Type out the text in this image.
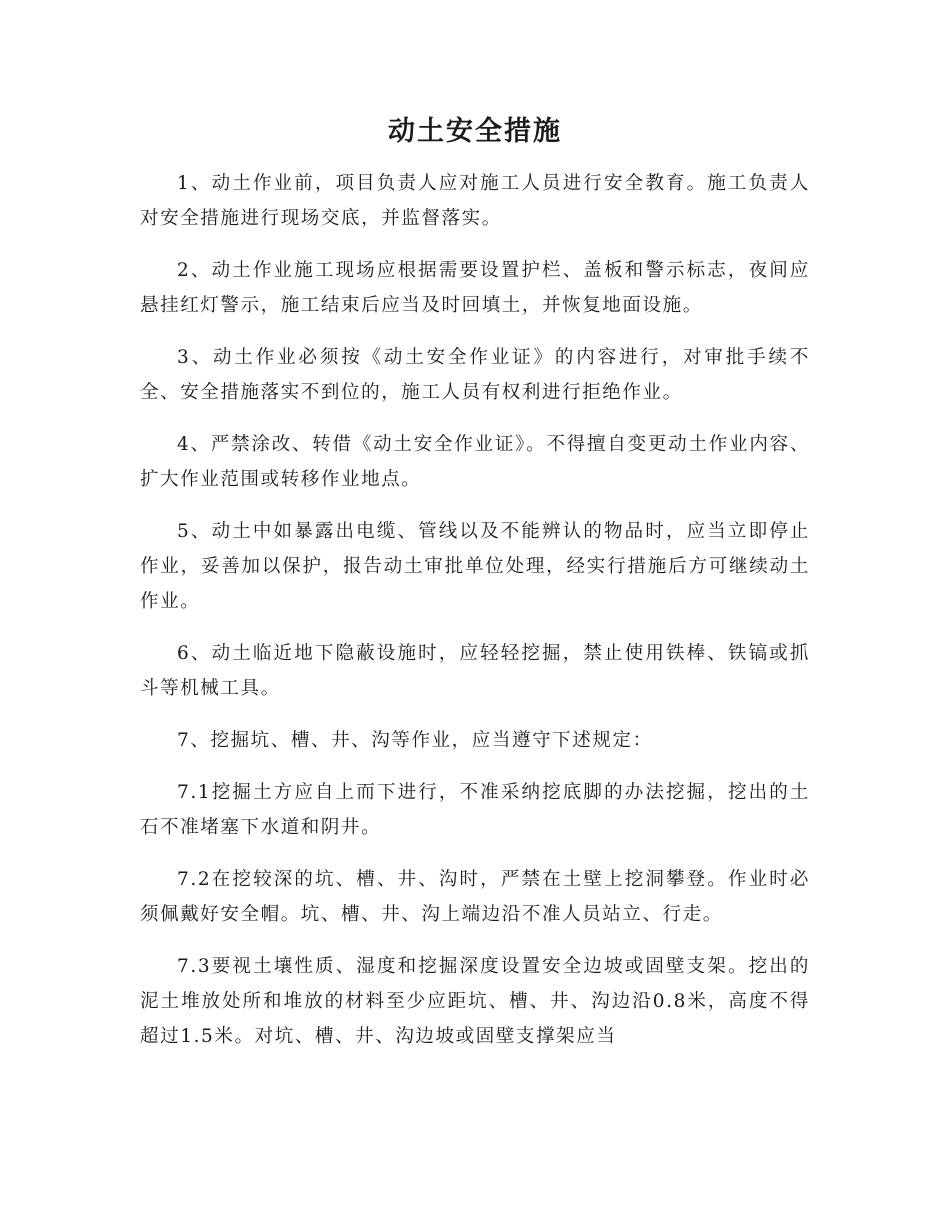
动土安全措施

1、动土作业前，项目负责人应对施工人员进行安全教育。施工负责人对安全措施进行现场交底，并监督落实。

2、动土作业施工现场应根据需要设置护栏、盖板和警示标志，夜间应悬挂红灯警示，施工结束后应当及时回填土，并恢复地面设施。

3、动土作业必须按《动土安全作业证》的内容进行，对审批手续不全、安全措施落实不到位的，施工人员有权利进行拒绝作业。

4、严禁涂改、转借《动土安全作业证》。不得擅自变更动土作业内容、扩大作业范围或转移作业地点。

5、动土中如暴露出电缆、管线以及不能辨认的物品时，应当立即停止作业，妥善加以保护，报告动土审批单位处理，经实行措施后方可继续动土作业。

6、动土临近地下隐蔽设施时，应轻轻挖掘，禁止使用铁棒、铁镐或抓斗等机械工具。

7、挖掘坑、槽、井、沟等作业，应当遵守下述规定：

7.1挖掘土方应自上而下进行，不准采纳挖底脚的办法挖掘，挖出的土石不准堵塞下水道和阴井。

7.2在挖较深的坑、槽、井、沟时，严禁在土壁上挖洞攀登。作业时必须佩戴好安全帽。坑、槽、井、沟上端边沿不准人员站立、行走。

7.3要视土壤性质、湿度和挖掘深度设置安全边坡或固壁支架。挖出的泥土堆放处所和堆放的材料至少应距坑、槽、井、沟边沿0.8米，高度不得超过1.5米。对坑、槽、井、沟边坡或固壁支撑架应当
